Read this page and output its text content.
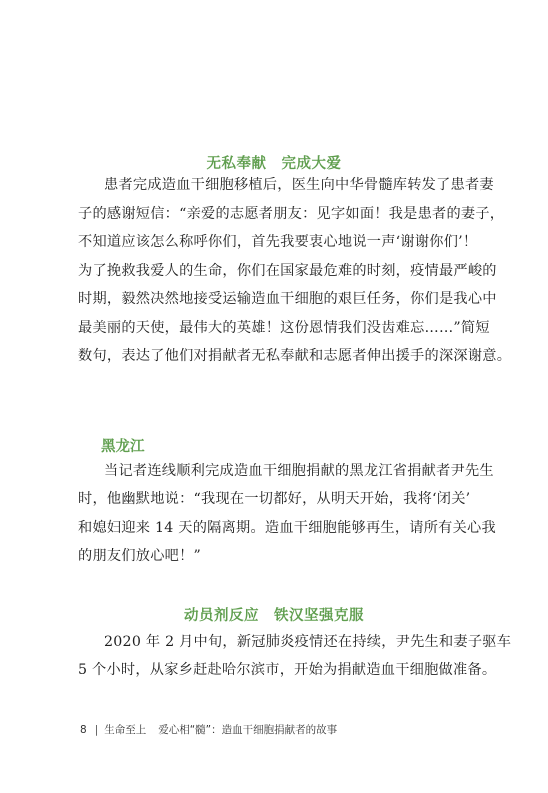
无私奉献　完成大爱
患者完成造血干细胞移植后，医生向中华骨髓库转发了患者妻
子的感谢短信：“亲爱的志愿者朋友：见字如面！我是患者的妻子，
不知道应该怎么称呼你们，首先我要衷心地说一声‘谢谢你们’！
为了挽救我爱人的生命，你们在国家最危难的时刻，疫情最严峻的
时期，毅然决然地接受运输造血干细胞的艰巨任务，你们是我心中
最美丽的天使，最伟大的英雄！这份恩情我们没齿难忘……”简短
数句，表达了他们对捐献者无私奉献和志愿者伸出援手的深深谢意。
黑龙江
当记者连线顺利完成造血干细胞捐献的黑龙江省捐献者尹先生
时，他幽默地说：“我现在一切都好，从明天开始，我将‘闭关’
和媳妇迎来 14 天的隔离期。造血干细胞能够再生，请所有关心我
的朋友们放心吧！”
动员剂反应　铁汉坚强克服
2020 年 2 月中旬，新冠肺炎疫情还在持续，尹先生和妻子驱车
5 个小时，从家乡赶赴哈尔滨市，开始为捐献造血干细胞做准备。
8 | 生命至上 爱心相“髓”：造血干细胞捐献者的故事
